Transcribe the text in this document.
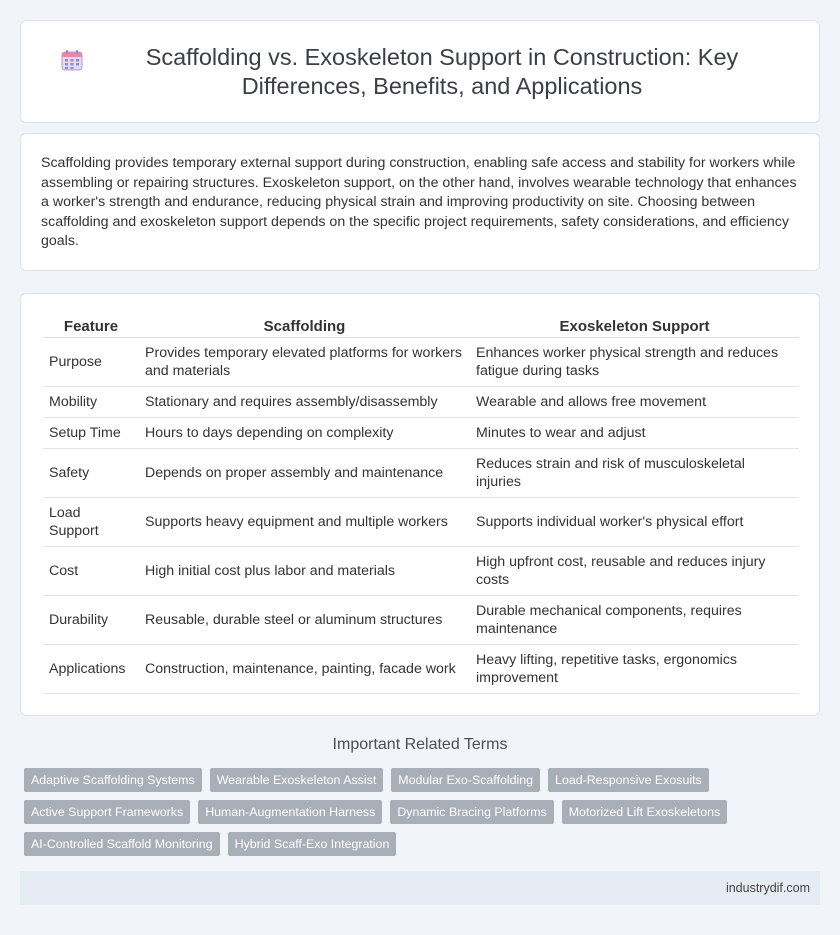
Scaffolding vs. Exoskeleton Support in Construction: Key Differences, Benefits, and Applications

Scaffolding provides temporary external support during construction, enabling safe access and stability for workers while assembling or repairing structures. Exoskeleton support, on the other hand, involves wearable technology that enhances a worker's strength and endurance, reducing physical strain and improving productivity on site. Choosing between scaffolding and exoskeleton support depends on the specific project requirements, safety considerations, and efficiency goals.

Feature	Scaffolding	Exoskeleton Support
Purpose	Provides temporary elevated platforms for workers and materials	Enhances worker physical strength and reduces fatigue during tasks
Mobility	Stationary and requires assembly/disassembly	Wearable and allows free movement
Setup Time	Hours to days depending on complexity	Minutes to wear and adjust
Safety	Depends on proper assembly and maintenance	Reduces strain and risk of musculoskeletal injuries
Load Support	Supports heavy equipment and multiple workers	Supports individual worker's physical effort
Cost	High initial cost plus labor and materials	High upfront cost, reusable and reduces injury costs
Durability	Reusable, durable steel or aluminum structures	Durable mechanical components, requires maintenance
Applications	Construction, maintenance, painting, facade work	Heavy lifting, repetitive tasks, ergonomics improvement
Important Related Terms
Adaptive Scaffolding Systems	Wearable Exoskeleton Assist	Modular Exo-Scaffolding	Load-Responsive Exosuits
Active Support Frameworks	Human-Augmentation Harness	Dynamic Bracing Platforms	Motorized Lift Exoskeletons
AI-Controlled Scaffold Monitoring	Hybrid Scaff-Exo Integration
industrydif.com
